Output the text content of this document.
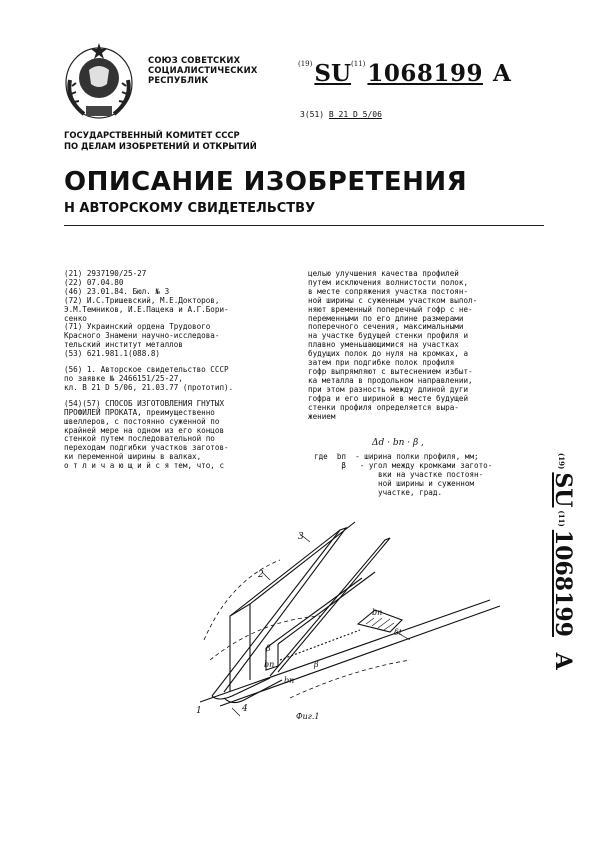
СОЮЗ СОВЕТСКИХ
СОЦИАЛИСТИЧЕСКИХ
РЕСПУБЛИК
$^{(19)}$SU$^{(11)}$1068199 A
3(51) В 21 D 5/06
ГОСУДАРСТВЕННЫЙ КОМИТЕТ СССР
ПО ДЕЛАМ ИЗОБРЕТЕНИЙ И ОТКРЫТИЙ
ОПИСАНИЕ ИЗОБРЕТЕНИЯ
Н АВТОРСКОМУ СВИДЕТЕЛЬСТВУ
(21) 2937190/25-27
(22) 07.04.80
(46) 23.01.84. Бюл. № 3
(72) И.С.Тришевский, М.Е.Докторов,
Э.М.Темников, И.Е.Пацека и А.Г.Бори-
сенко
(71) Украинский ордена Трудового
Красного Знамени научно-исследова-
тельский институт металлов
(53) 621.981.1(088.8)
(56) 1. Авторское свидетельство СССР
по заявке № 2466151/25-27,
кл. В 21 D 5/06, 21.03.77 (прототип).
(54)(57) СПОСОБ ИЗГОТОВЛЕНИЯ ГНУТЫХ
ПРОФИЛЕЙ ПРОКАТА, преимущественно
швеллеров, с постоянно суженной по
крайней мере на одном из его концов
стенкой путем последовательной по
переходам подгибки участков заготов-
ки переменной ширины в валках,
о т л и ч а ю щ и й с я тем, что, с
целью улучшения качества профилей
путем исключения волнистости полок,
в месте сопряжения участка постоян-
ной ширины с суженным участком выпол-
няют временный поперечный гофр с не-
переменными по его длине размерами
поперечного сечения, максимальными
на участке будущей стенки профиля и
плавно уменьшающимися на участках
будущих полок до нуля на кромках, а
затем при подгибке полок профиля
гофр выпрямляют с вытеснением избыт-
ка металла в продольном направлении,
при этом разность между длиной дуги
гофра и его шириной в месте будущей
стенки профиля определяется выра-
жением
Δd · bп · β ,
где  bп  - ширина полки профиля, мм;
β   - угол между кромками загото-
вки на участке постоян-
ной ширины и суженном
участке, град.
(19)SU(11)1068199 A
3
2
1	4
bп
β
bп
β
bп
δt
Фиг.1
